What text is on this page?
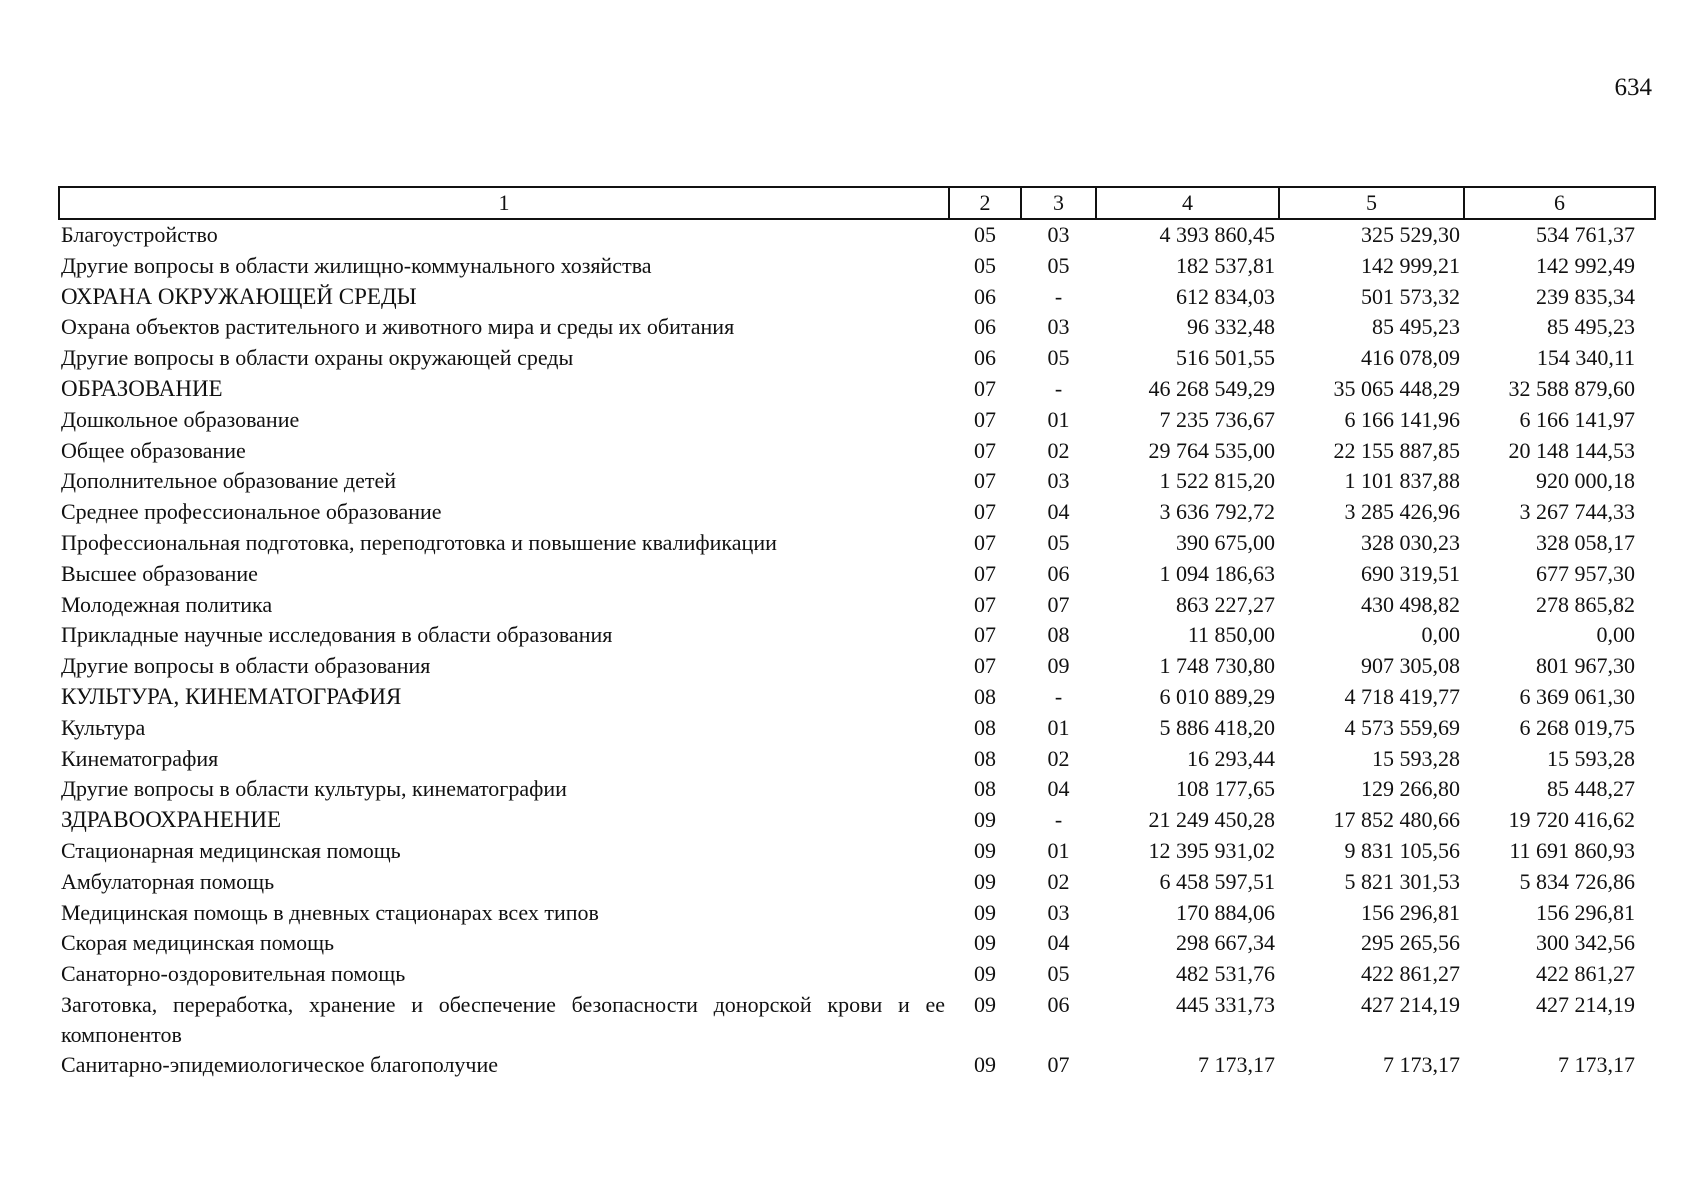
634
1	2	3	4	5	6
Благоустройство	05	03	4 393 860,45	325 529,30	534 761,37
Другие вопросы в области жилищно-коммунального хозяйства	05	05	182 537,81	142 999,21	142 992,49
ОХРАНА ОКРУЖАЮЩЕЙ СРЕДЫ	06	-	612 834,03	501 573,32	239 835,34
Охрана объектов растительного и животного мира и среды их обитания	06	03	96 332,48	85 495,23	85 495,23
Другие вопросы в области охраны окружающей среды	06	05	516 501,55	416 078,09	154 340,11
ОБРАЗОВАНИЕ	07	-	46 268 549,29	35 065 448,29	32 588 879,60
Дошкольное образование	07	01	7 235 736,67	6 166 141,96	6 166 141,97
Общее образование	07	02	29 764 535,00	22 155 887,85	20 148 144,53
Дополнительное образование детей	07	03	1 522 815,20	1 101 837,88	920 000,18
Среднее профессиональное образование	07	04	3 636 792,72	3 285 426,96	3 267 744,33
Профессиональная подготовка, переподготовка и повышение квалификации	07	05	390 675,00	328 030,23	328 058,17
Высшее образование	07	06	1 094 186,63	690 319,51	677 957,30
Молодежная политика	07	07	863 227,27	430 498,82	278 865,82
Прикладные научные исследования в области образования	07	08	11 850,00	0,00	0,00
Другие вопросы в области образования	07	09	1 748 730,80	907 305,08	801 967,30
КУЛЬТУРА, КИНЕМАТОГРАФИЯ	08	-	6 010 889,29	4 718 419,77	6 369 061,30
Культура	08	01	5 886 418,20	4 573 559,69	6 268 019,75
Кинематография	08	02	16 293,44	15 593,28	15 593,28
Другие вопросы в области культуры, кинематографии	08	04	108 177,65	129 266,80	85 448,27
ЗДРАВООХРАНЕНИЕ	09	-	21 249 450,28	17 852 480,66	19 720 416,62
Стационарная медицинская помощь	09	01	12 395 931,02	9 831 105,56	11 691 860,93
Амбулаторная помощь	09	02	6 458 597,51	5 821 301,53	5 834 726,86
Медицинская помощь в дневных стационарах всех типов	09	03	170 884,06	156 296,81	156 296,81
Скорая медицинская помощь	09	04	298 667,34	295 265,56	300 342,56
Санаторно-оздоровительная помощь	09	05	482 531,76	422 861,27	422 861,27
Заготовка, переработка, хранение и обеспечение безопасности донорской крови и ее компонентов	09	06	445 331,73	427 214,19	427 214,19
Санитарно-эпидемиологическое благополучие	09	07	7 173,17	7 173,17	7 173,17
